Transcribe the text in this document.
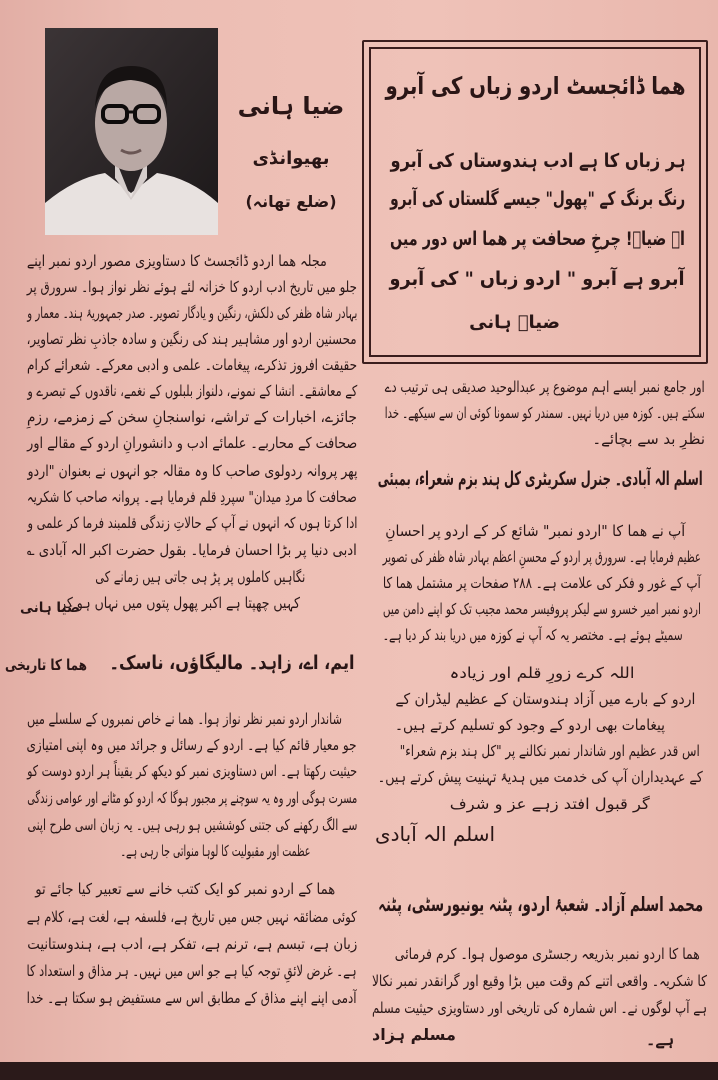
ضیا ہانی
بھیوانڈی
(ضلع تھانہ)
ھما ڈائجسٹ اردو زباں کی آبرو
ہر زباں کا ہے ادب ہندوستاں کی آبرو
رنگ برنگ کے "پھول" جیسے گلستاں کی آبرو
اے ضیاؔ! چرخِ صحافت پر ھما اس دور میں
آبرو ہے آبرو " اردو زباں " کی آبرو
ضیاؔ ہانی
مجلہ ھما اردو ڈائجسٹ کا دستاویزی مصور اردو نمبر اپنے
جلو میں تاریخ ادب اردو کا خزانہ لئے ہوئے نظر نواز ہوا۔ سرورق پر
بہادر شاہ ظفر کی دلکش، رنگین و یادگار تصویر۔ صدر جمہوریۂ ہند۔ معمار و
محسنین اردو اور مشاہیر ہند کی رنگین و سادہ جاذبِ نظر تصاویر،
حقیقت افروز تذکرے، پیغامات۔ علمی و ادبی معرکے۔ شعرائے کرام
کے معاشقے۔ انشا کے نمونے، دلنواز بلبلوں کے نغمے، ناقدوں کے تبصرے و
جائزے، اخبارات کے تراشے، نواسنجانِ سخن کے زمزمے، رزمِ
صحافت کے محاربے۔ علمائے ادب و دانشورانِ اردو کے مقالے اور
پھر پروانہ ردولوی صاحب کا وہ مقالہ جو انہوں نے بعنوان "اردو
صحافت کا مردِ میدان" سپردِ قلم فرمایا ہے۔ پروانہ صاحب کا شکریہ
ادا کرتا ہوں کہ انہوں نے آپ کے حالاتِ زندگی قلمبند فرما کر علمی و
ادبی دنیا پر بڑا احسان فرمایا۔ بقول حضرت اکبر الہ آبادی ؎
نگاہیں کاملوں پر پڑ ہی جاتی ہیں زمانے کی
کہیں چھپتا ہے اکبر پھول پتوں میں نہاں ہو کر
ضیا ہانی
ایم، اے، زاہد۔ مالیگاؤں، ناسک۔
ھما کا تاریخی
شاندار اردو نمبر نظر نواز ہوا۔ ھما نے خاص نمبروں کے سلسلے میں
جو معیار قائم کیا ہے۔ اردو کے رسائل و جرائد میں وہ اپنی امتیازی
حیثیت رکھتا ہے۔ اس دستاویزی نمبر کو دیکھ کر یقیناً ہر اردو دوست کو
مسرت ہوگی اور وہ یہ سوچنے پر مجبور ہوگا کہ اردو کو مٹانے اور عوامی زندگی
سے الگ رکھنے کی جتنی کوششیں ہو رہی ہیں۔ یہ زبان اسی طرح اپنی
عظمت اور مقبولیت کا لوہا منواتی جا رہی ہے۔
ھما کے اردو نمبر کو ایک کتب خانے سے تعبیر کیا جائے تو
کوئی مضائقہ نہیں جس میں تاریخ ہے، فلسفہ ہے، لغت ہے، کلام ہے
زبان ہے، تبسم ہے، ترنم ہے، تفکر ہے، ادب ہے، ہندوستانیت
ہے۔ غرض لائقِ توجہ کیا ہے جو اس میں نہیں۔ ہر مذاق و استعداد کا
آدمی اپنے اپنے مذاق کے مطابق اس سے مستفیض ہو سکتا ہے۔ خدا
اور جامع نمبر ایسے اہم موضوع پر عبدالوحید صدیقی ہی ترتیب دے
سکتے ہیں۔ کوزہ میں دریا نہیں۔ سمندر کو سمونا کوئی ان سے سیکھے۔ خدا
نظرِ بد سے بچائے۔
اسلم الہ آبادی۔ جنرل سکریٹری کل ہند بزم شعراء، بمبئی
آپ نے ھما کا "اردو نمبر" شائع کر کے اردو پر احسانِ
عظیم فرمایا ہے۔ سرورق پر اردو کے محسنِ اعظم بہادر شاہ ظفر کی تصویر
آپ کے غور و فکر کی علامت ہے۔ ۲۸۸ صفحات پر مشتمل ھما کا
اردو نمبر امیر خسرو سے لیکر پروفیسر محمد مجیب تک کو اپنے دامن میں
سمیٹے ہوئے ہے۔ مختصر یہ کہ آپ نے کوزہ میں دریا بند کر دیا ہے۔
اللہ کرے زورِ قلم اور زیادہ
اردو کے بارے میں آزاد ہندوستان کے عظیم لیڈران کے
پیغامات بھی اردو کے وجود کو تسلیم کرتے ہیں۔
اس قدر عظیم اور شاندار نمبر نکالنے پر "کل ہند بزم شعراء"
کے عہدیداران آپ کی خدمت میں ہدیۂ تہنیت پیش کرتے ہیں۔
گر قبول افتد زہے عز و شرف
اسلم الہ آبادی
محمد اسلم آزاد۔ شعبۂ اردو، پٹنہ یونیورسٹی، پٹنہ
ھما کا اردو نمبر بذریعہ رجسٹری موصول ہوا۔ کرم فرمائی
کا شکریہ۔ واقعی اتنے کم وقت میں بڑا وقیع اور گرانقدر نمبر نکالا
ہے آپ لوگوں نے۔ اس شمارہ کی تاریخی اور دستاویزی حیثیت مسلم
مسلم ہزاد	ہے۔
